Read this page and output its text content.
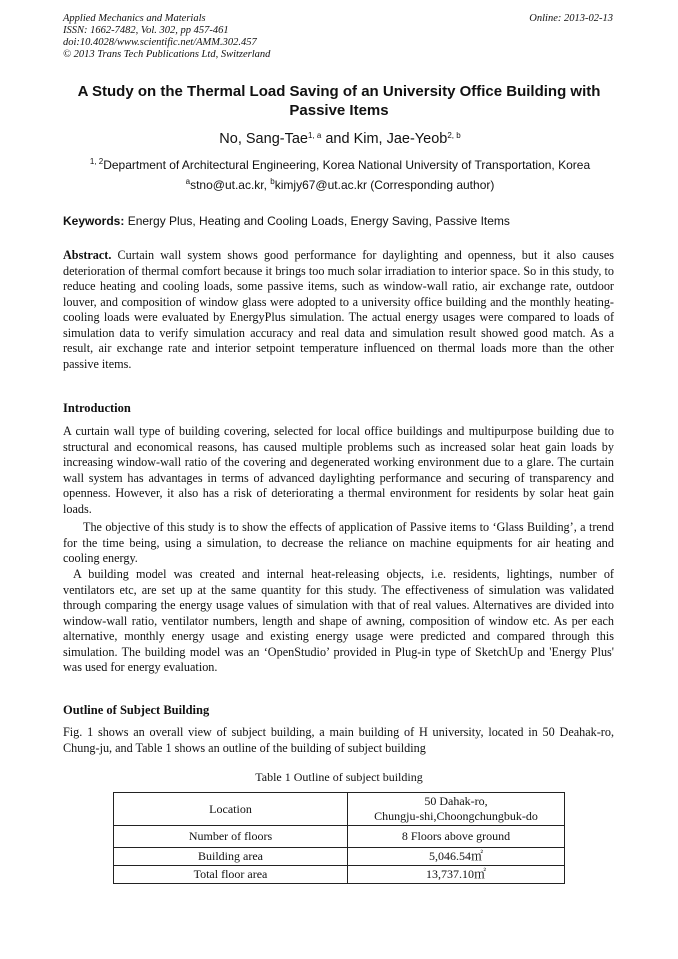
Applied Mechanics and Materials
ISSN: 1662-7482, Vol. 302, pp 457-461
doi:10.4028/www.scientific.net/AMM.302.457
© 2013 Trans Tech Publications Ltd, Switzerland
Online: 2013-02-13
A Study on the Thermal Load Saving of an University Office Building with Passive Items
No, Sang-Tae$^{1, a}$ and Kim, Jae-Yeob$^{2, b}$
$^{1, 2}$Department of Architectural Engineering, Korea National University of Transportation, Korea
$^a$stno@ut.ac.kr, $^b$kimjy67@ut.ac.kr (Corresponding author)
Keywords: Energy Plus, Heating and Cooling Loads, Energy Saving, Passive Items
Abstract. Curtain wall system shows good performance for daylighting and openness, but it also causes deterioration of thermal comfort because it brings too much solar irradiation to interior space. So in this study, to reduce heating and cooling loads, some passive items, such as window-wall ratio, air exchange rate, outdoor louver, and composition of window glass were adopted to a university office building and the monthly heating-cooling loads were evaluated by EnergyPlus simulation. The actual energy usages were compared to loads of simulation data to verify simulation accuracy and real data and simulation result showed good match. As a result, air exchange rate and interior setpoint temperature influenced on thermal loads more than the other passive items.
Introduction
A curtain wall type of building covering, selected for local office buildings and multipurpose building due to structural and economical reasons, has caused multiple problems such as increased solar heat gain loads by increasing window-wall ratio of the covering and degenerated working environment due to a glare. The curtain wall system has advantages in terms of advanced daylighting performance and securing of transparency and openness. However, it also has a risk of deteriorating a thermal environment for residents by solar heat gain loads.
The objective of this study is to show the effects of application of Passive items to ‘Glass Building’, a trend for the time being, using a simulation, to decrease the reliance on machine equipments for air heating and cooling energy.
A building model was created and internal heat-releasing objects, i.e. residents, lightings, number of ventilators etc, are set up at the same quantity for this study. The effectiveness of simulation was validated through comparing the energy usage values of simulation with that of real values. Alternatives are divided into window-wall ratio, ventilator numbers, length and shape of awning, composition of window etc. As per each alternative, monthly energy usage and existing energy usage were predicted and compared through this simulation. The building model was an ‘OpenStudio’ provided in Plug-in type of SketchUp and 'Energy Plus' was used for energy evaluation.
Outline of Subject Building
Fig. 1 shows an overall view of subject building, a main building of H university, located in 50 Deahak-ro, Chung-ju, and Table 1 shows an outline of the building of subject building
Table 1 Outline of subject building
Location	50 Dahak-ro,
Chungju-shi,Choongchungbuk-do

Number of floors	8 Floors above ground
Building area	5,046.54㎡
Total floor area	13,737.10㎡
